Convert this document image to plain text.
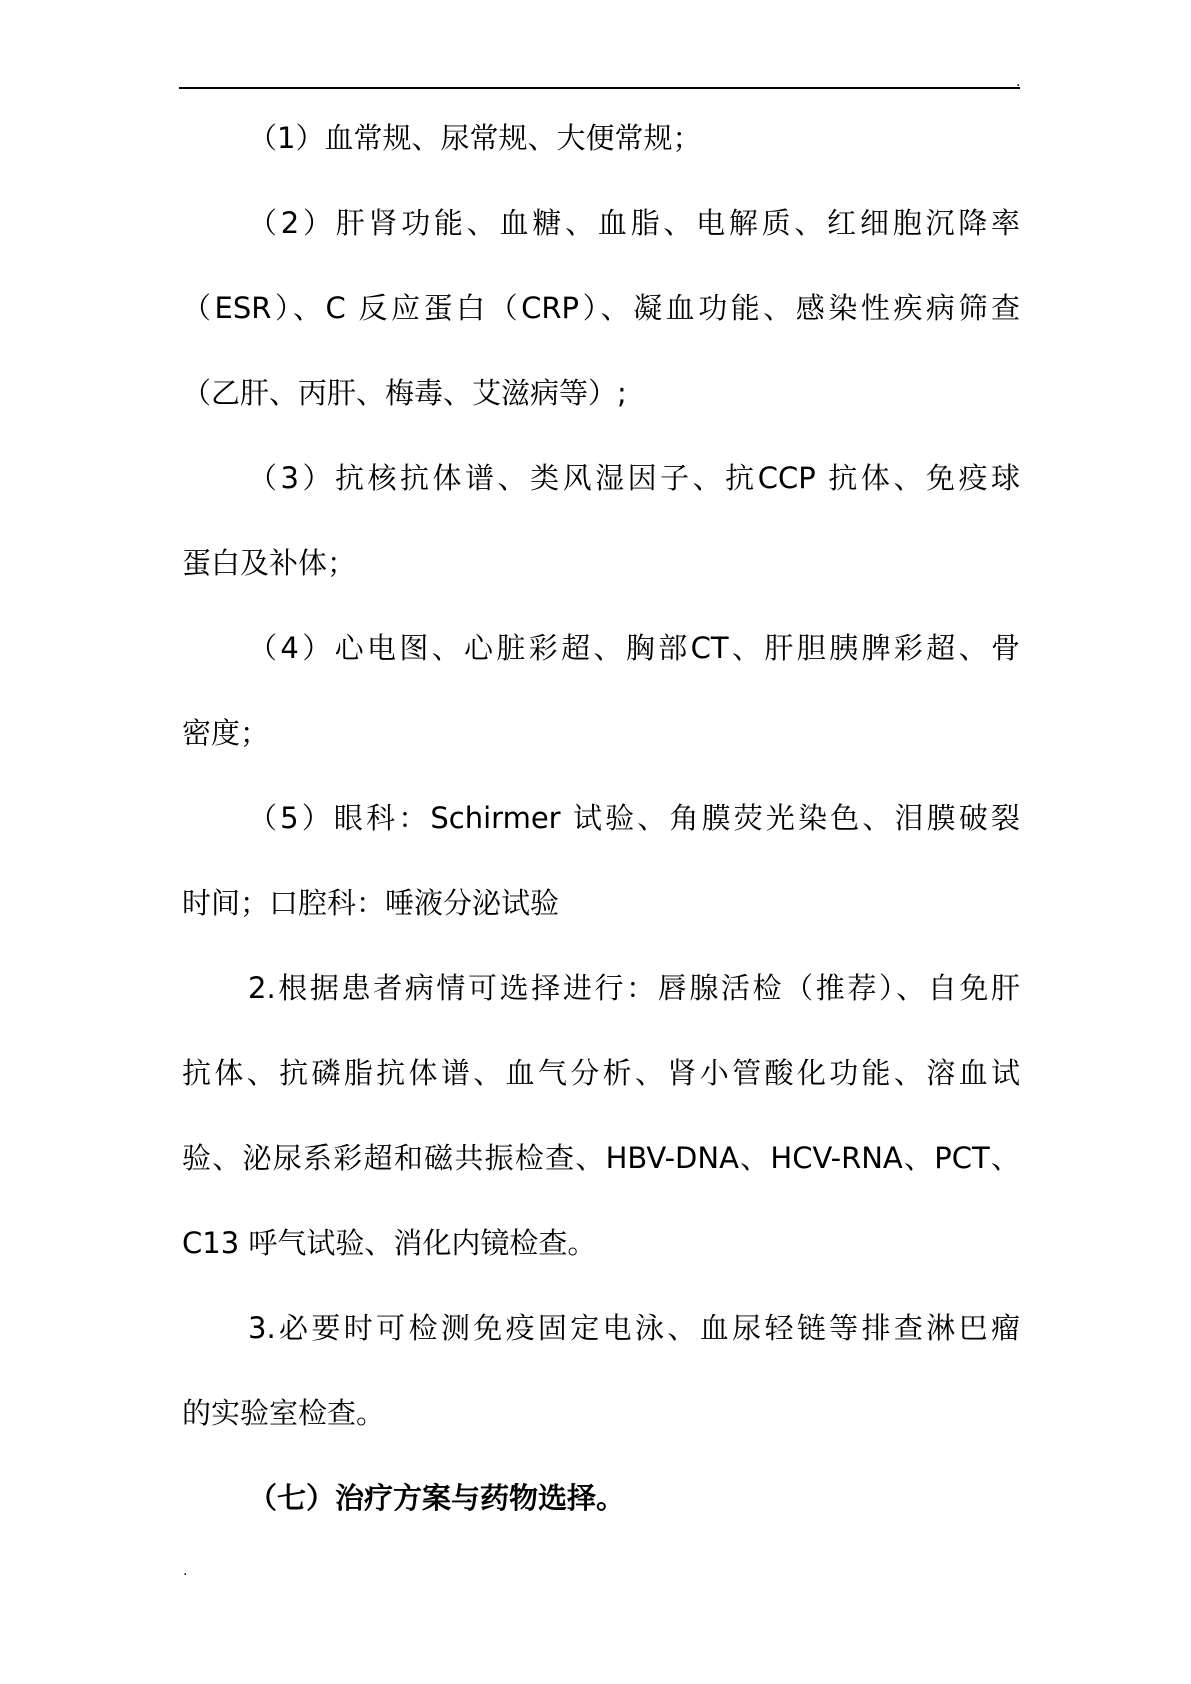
.
（1）血常规、尿常规、大便常规；
（2）肝肾功能、血糖、血脂、电解质、红细胞沉降率
（ESR）、C 反应蛋白（CRP）、凝血功能、感染性疾病筛查
（乙肝、丙肝、梅毒、艾滋病等）;
（3）抗核抗体谱、类风湿因子、抗CCP 抗体、免疫球
蛋白及补体；
（4）心电图、心脏彩超、胸部CT、肝胆胰脾彩超、骨
密度；
（5）眼科：Schirmer 试验、角膜荧光染色、泪膜破裂
时间；口腔科：唾液分泌试验
2.根据患者病情可选择进行：唇腺活检（推荐）、自免肝
抗体、抗磷脂抗体谱、血气分析、肾小管酸化功能、溶血试
验、泌尿系彩超和磁共振检查、HBV-DNA、HCV-RNA、PCT、
C13 呼气试验、消化内镜检查。
3.必要时可检测免疫固定电泳、血尿轻链等排查淋巴瘤
的实验室检查。
（七）治疗方案与药物选择。
.
